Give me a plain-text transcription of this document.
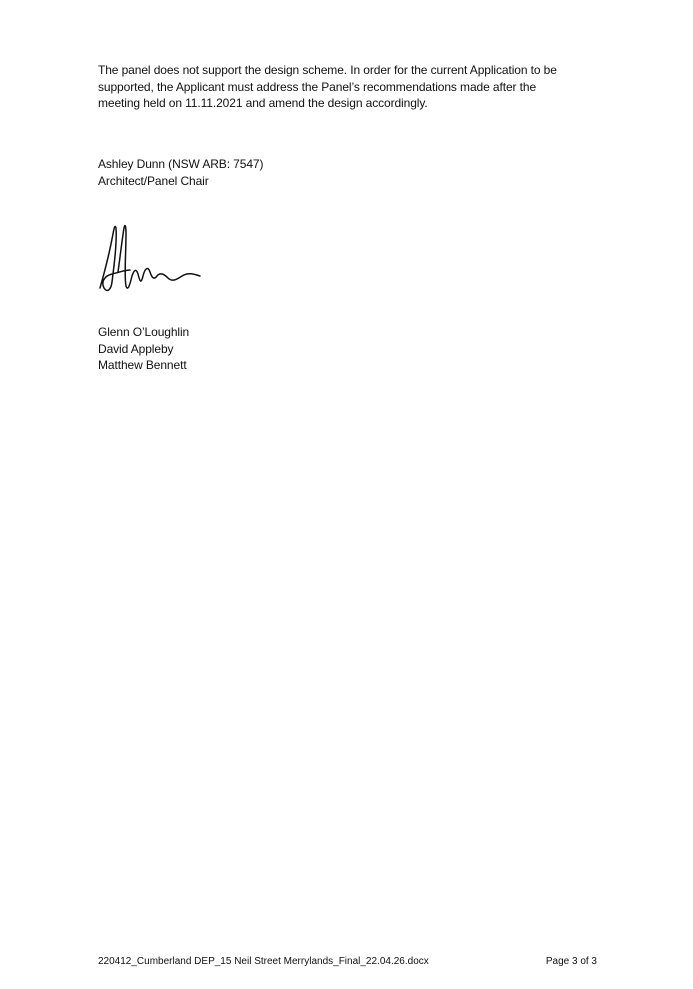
The panel does not support the design scheme. In order for the current Application to be
supported, the Applicant must address the Panel’s recommendations made after the
meeting held on 11.11.2021 and amend the design accordingly.

Ashley Dunn (NSW ARB: 7547)
Architect/Panel Chair

Glenn O’Loughlin
David Appleby
Matthew Bennett

220412_Cumberland DEP_15 Neil Street Merrylands_Final_22.04.26.docx	Page 3 of 3
